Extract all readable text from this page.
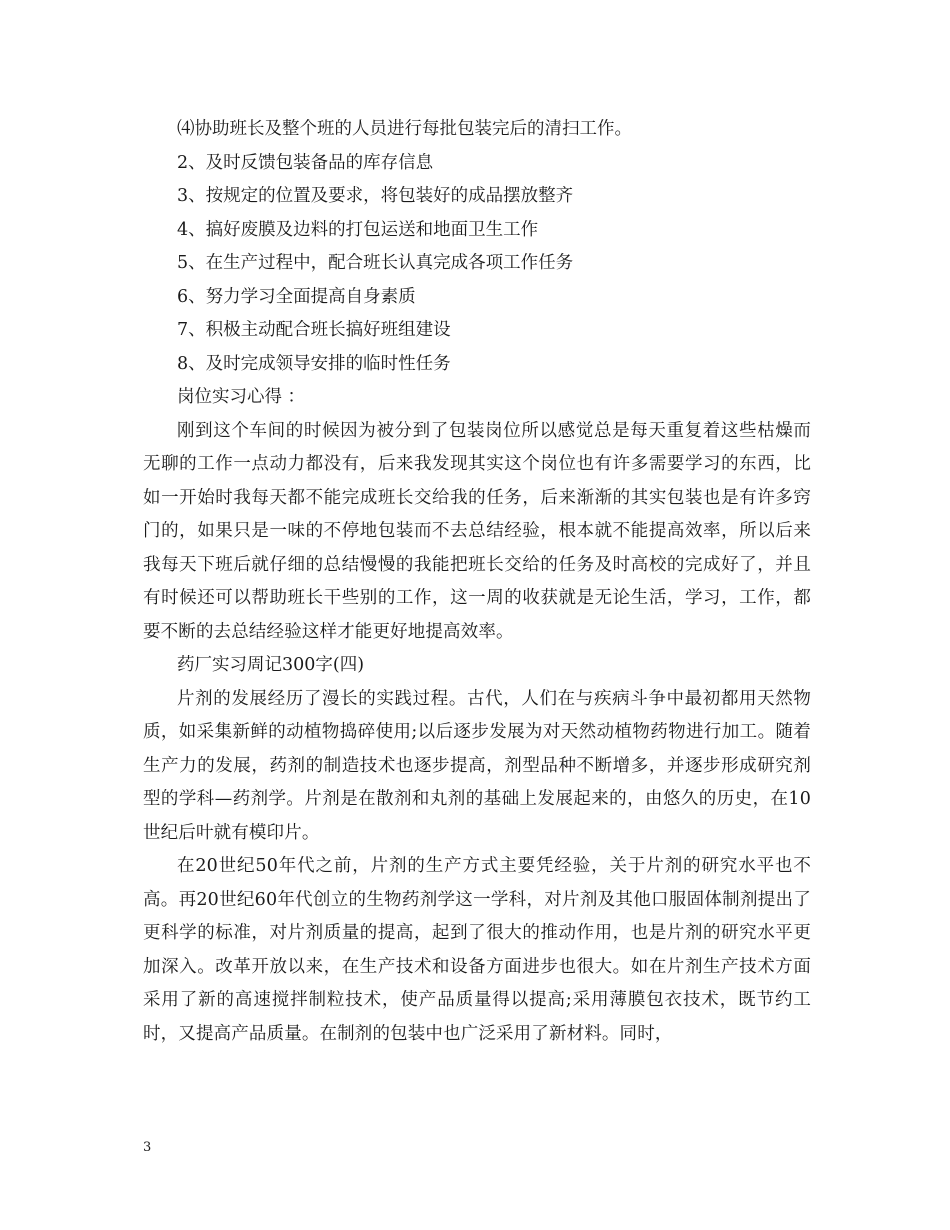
⑷协助班长及整个班的人员进行每批包装完后的清扫工作。
2、及时反馈包装备品的库存信息
3、按规定的位置及要求，将包装好的成品摆放整齐
4、搞好废膜及边料的打包运送和地面卫生工作
5、在生产过程中，配合班长认真完成各项工作任务
6、努力学习全面提高自身素质
7、积极主动配合班长搞好班组建设
8、及时完成领导安排的临时性任务
岗位实习心得 ：

刚到这个车间的时候因为被分到了包装岗位所以感觉总是每天重复着这些枯燥而无聊的工作一点动力都没有，后来我发现其实这个岗位也有许多需要学习的东西，比如一开始时我每天都不能完成班长交给我的任务，后来渐渐的其实包装也是有许多窍门的，如果只是一味的不停地包装而不去总结经验，根本就不能提高效率，所以后来我每天下班后就仔细的总结慢慢的我能把班长交给的任务及时高校的完成好了，并且有时候还可以帮助班长干些别的工作，这一周的收获就是无论生活，学习，工作，都要不断的去总结经验这样才能更好地提高效率。

药厂实习周记300字(四)

片剂的发展经历了漫长的实践过程。古代，人们在与疾病斗争中最初都用天然物质，如采集新鲜的动植物捣碎使用;以后逐步发展为对天然动植物药物进行加工。随着生产力的发展，药剂的制造技术也逐步提高，剂型品种不断增多，并逐步形成研究剂型的学科—药剂学。片剂是在散剂和丸剂的基础上发展起来的，由悠久的历史，在10世纪后叶就有模印片。

在20世纪50年代之前，片剂的生产方式主要凭经验，关于片剂的研究水平也不高。再20世纪60年代创立的生物药剂学这一学科，对片剂及其他口服固体制剂提出了更科学的标准，对片剂质量的提高，起到了很大的推动作用，也是片剂的研究水平更加深入。改革开放以来，在生产技术和设备方面进步也很大。如在片剂生产技术方面采用了新的高速搅拌制粒技术，使产品质量得以提高;采用薄膜包衣技术，既节约工时，又提高产品质量。在制剂的包装中也广泛采用了新材料。同时，

3
